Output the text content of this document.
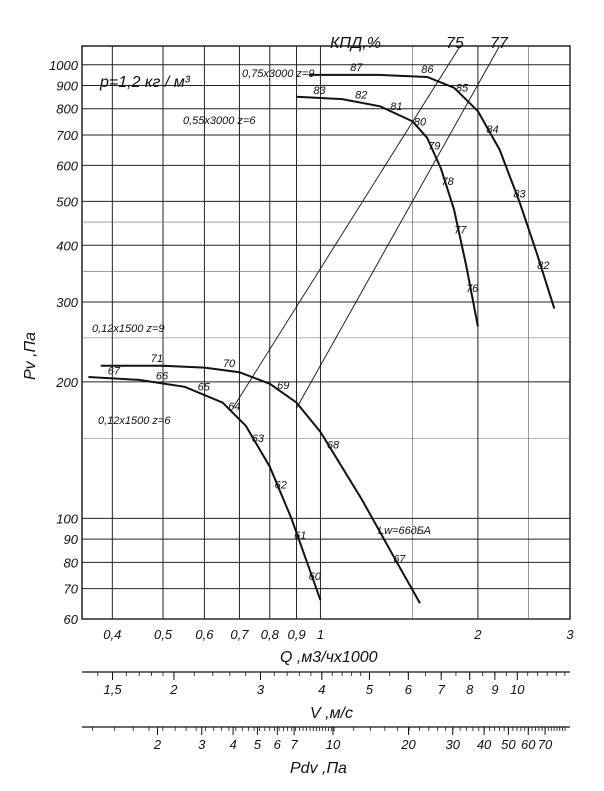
87	86
85
84
83
82
83	82
81
80
79
78
77
76
71	70
69
68
67
67	66
65
64
63
62
61
60
0,4	0,5 0,6 0,7 0,8 0,9 1	2	3
60
70
80
90
100
200
300
400
500
600
700
800
900
1000
1,5	2	3	4	5 6 7 8 9 10
2	3 4 5 6 7 10	20 30 40 50 60 70
p=1,2 кг / м³
КПД,%	75 77
Pv ,Па
Q ,м3/чх1000
V ,м/с
Pdv ,Па
0,75x3000 z=9
0,55x3000 z=6
0,12x1500 z=9
0,12x1500 z=6
Lw=66дБА
